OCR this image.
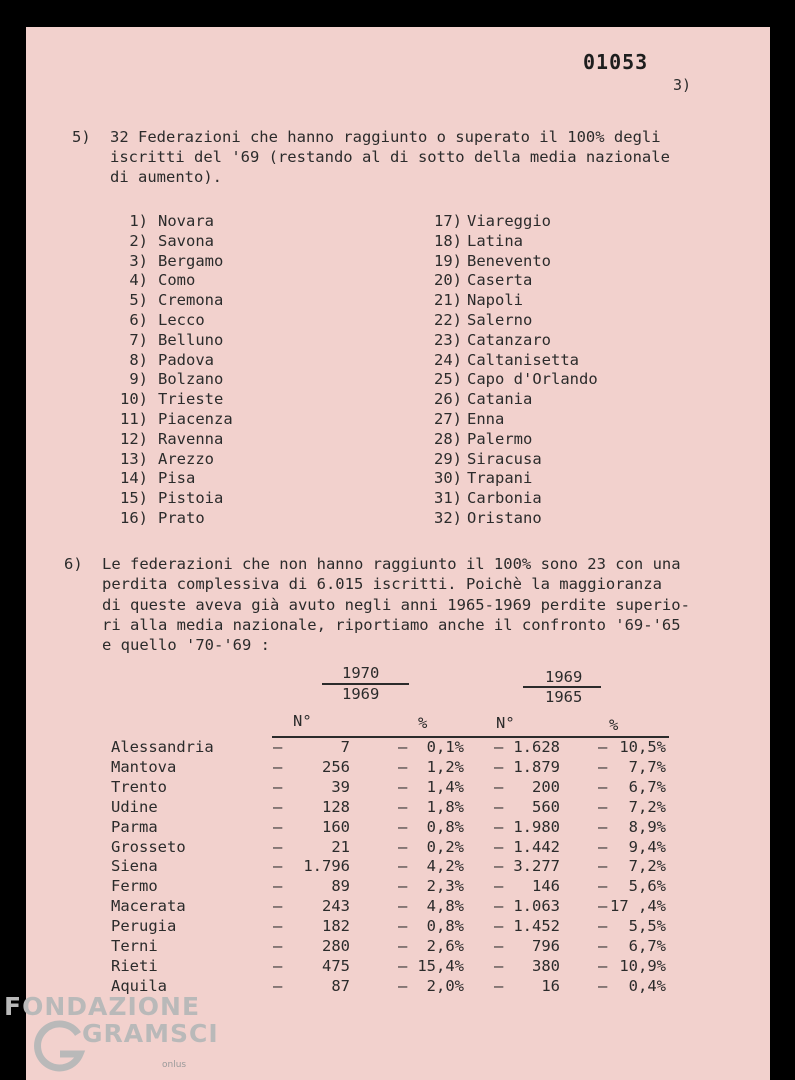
01053
3)
5) 32 Federazioni che hanno raggiunto o superato il 100% degli
iscritti del '69 (restando al di sotto della media nazionale
di aumento).
1) Novara
2) Savona
3) Bergamo
4) Como
5) Cremona
6) Lecco
7) Belluno
8) Padova
9) Bolzano
10) Trieste
11) Piacenza
12) Ravenna
13) Arezzo
14) Pisa
15) Pistoia
16) Prato
17) Viareggio
18) Latina
19) Benevento
20) Caserta
21) Napoli
22) Salerno
23) Catanzaro
24) Caltanisetta
25) Capo d'Orlando
26) Catania
27) Enna
28) Palermo
29) Siracusa
30) Trapani
31) Carbonia
32) Oristano
6) Le federazioni che non hanno raggiunto il 100% sono 23 con una
perdita complessiva di 6.015 iscritti. Poichè la maggioranza
di queste aveva già avuto negli anni 1965-1969 perdite superio-
ri alla media nazionale, riportiamo anche il confronto '69-'65
e quello '70-'69 :
1970
1969
1969
1965
N°	%	N°	%
Alessandria	–	7	–	0,1% – 1.628 – 10,5%
Mantova	–	256	–	1,2% – 1.879 –	7,7%
Trento	–	39	–	1,4% –	200 –	6,7%
Udine	–	128	–	1,8% –	560 –	7,2%
Parma	–	160	–	0,8% – 1.980 –	8,9%
Grosseto	–	21	–	0,2% – 1.442 –	9,4%
Siena	–	1.796	–	4,2% – 3.277 –	7,2%
Fermo	–	89	–	2,3% –	146 –	5,6%
Macerata	–	243	–	4,8% – 1.063 – 17 ,4%
Perugia	–	182	–	0,8% – 1.452 –	5,5%
Terni	–	280	–	2,6% –	796 –	6,7%
Rieti	–	475	– 15,4% –	380 – 10,9%
Aquila	–	87	–	2,0% –	16 –	0,4%
FONDAZIONE
GRAMSCI
onlus
